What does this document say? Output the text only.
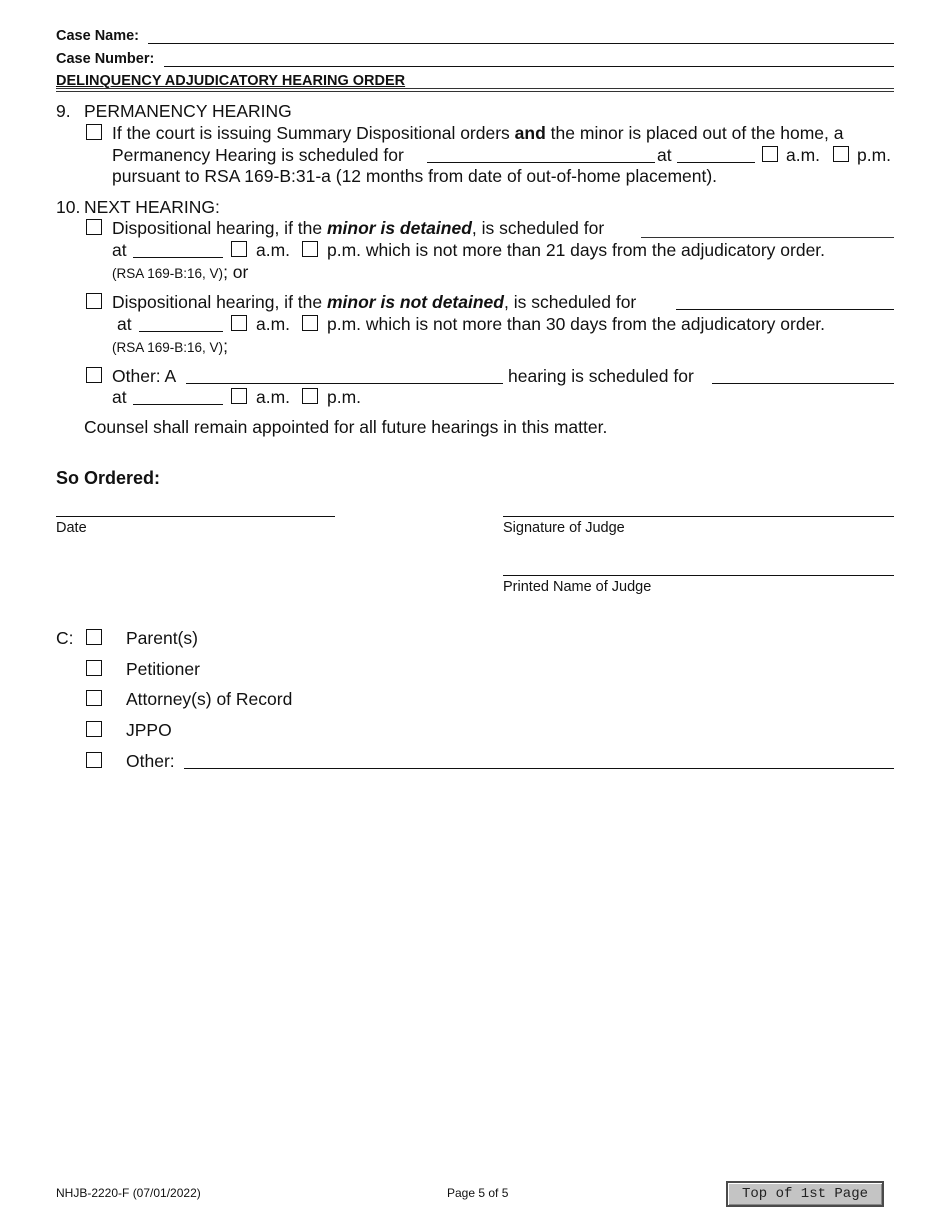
Case Name:
Case Number:
DELINQUENCY ADJUDICATORY HEARING ORDER
9. PERMANENCY HEARING
If the court is issuing Summary Dispositional orders and the minor is placed out of the home, a
Permanency Hearing is scheduled for	at	a.m. p.m.
pursuant to RSA 169-B:31-a (12 months from date of out-of-home placement).
10. NEXT HEARING:
Dispositional hearing, if the minor is detained, is scheduled for
at	a.m. p.m. which is not more than 21 days from the adjudicatory order.
(RSA 169-B:16, V); or
Dispositional hearing, if the minor is not detained, is scheduled for
at	a.m. p.m. which is not more than 30 days from the adjudicatory order.
(RSA 169-B:16, V);
Other: A	hearing is scheduled for
at	a.m. p.m.
Counsel shall remain appointed for all future hearings in this matter.
So Ordered:
Date	Signature of Judge
Printed Name of Judge
C:	Parent(s)
Petitioner
Attorney(s) of Record
JPPO
Other:
NHJB-2220-F (07/01/2022)	Page 5 of 5	Top of 1st Page
